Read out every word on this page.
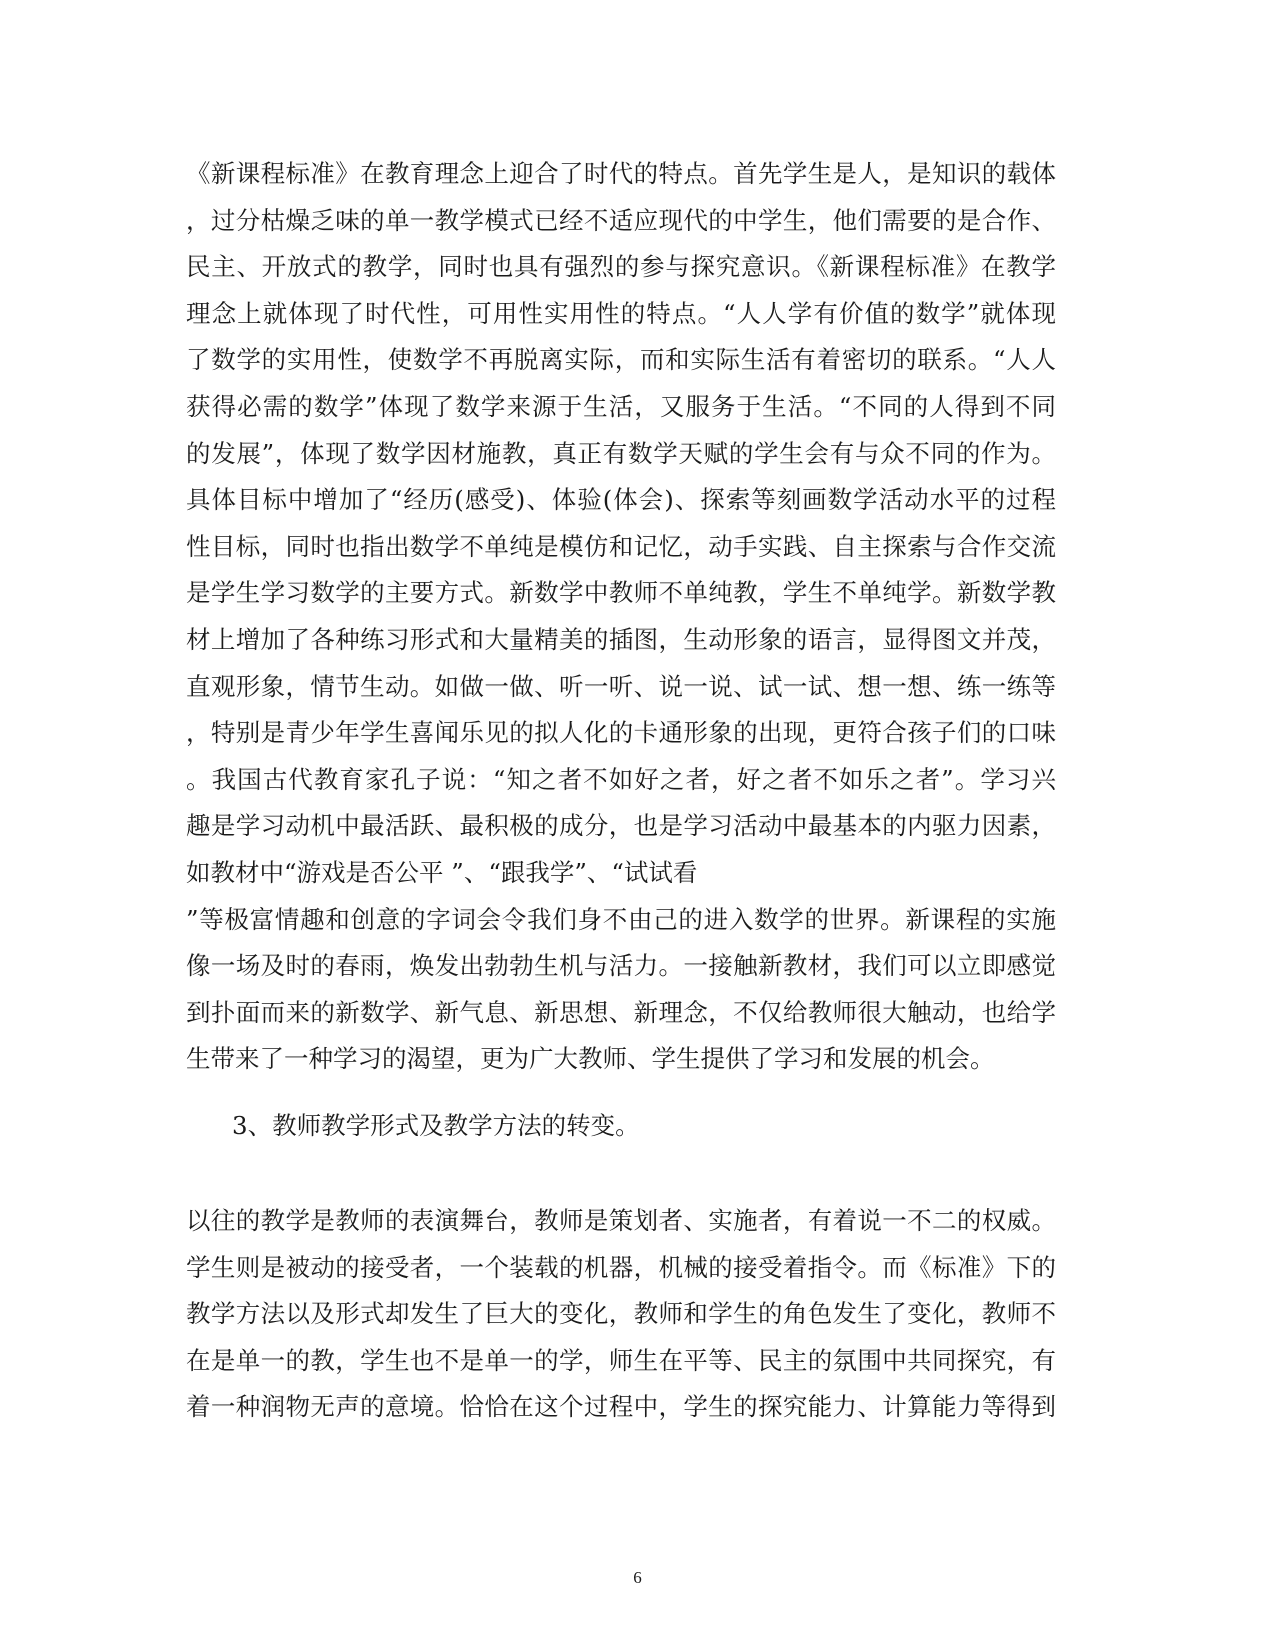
《新课程标准》在教育理念上迎合了时代的特点。首先学生是人，是知识的载体
，过分枯燥乏味的单一教学模式已经不适应现代的中学生，他们需要的是合作、
民主、开放式的教学，同时也具有强烈的参与探究意识。《新课程标准》在教学
理念上就体现了时代性，可用性实用性的特点。“人人学有价值的数学”就体现
了数学的实用性，使数学不再脱离实际，而和实际生活有着密切的联系。“人人
获得必需的数学”体现了数学来源于生活，又服务于生活。“不同的人得到不同
的发展”，体现了数学因材施教，真正有数学天赋的学生会有与众不同的作为。
具体目标中增加了“经历(感受)、体验(体会)、探索等刻画数学活动水平的过程
性目标，同时也指出数学不单纯是模仿和记忆，动手实践、自主探索与合作交流
是学生学习数学的主要方式。新数学中教师不单纯教，学生不单纯学。新数学教
材上增加了各种练习形式和大量精美的插图，生动形象的语言，显得图文并茂，
直观形象，情节生动。如做一做、听一听、说一说、试一试、想一想、练一练等
，特别是青少年学生喜闻乐见的拟人化的卡通形象的出现，更符合孩子们的口味
。我国古代教育家孔子说：“知之者不如好之者，好之者不如乐之者”。学习兴
趣是学习动机中最活跃、最积极的成分，也是学习活动中最基本的内驱力因素，
如教材中“游戏是否公平 ”、“跟我学”、“试试看
”等极富情趣和创意的字词会令我们身不由己的进入数学的世界。新课程的实施
像一场及时的春雨，焕发出勃勃生机与活力。一接触新教材，我们可以立即感觉
到扑面而来的新数学、新气息、新思想、新理念，不仅给教师很大触动，也给学
生带来了一种学习的渴望，更为广大教师、学生提供了学习和发展的机会。
3、教师教学形式及教学方法的转变。
以往的教学是教师的表演舞台，教师是策划者、实施者，有着说一不二的权威。
学生则是被动的接受者，一个装载的机器，机械的接受着指令。而《标准》下的
教学方法以及形式却发生了巨大的变化，教师和学生的角色发生了变化，教师不
在是单一的教，学生也不是单一的学，师生在平等、民主的氛围中共同探究，有
着一种润物无声的意境。恰恰在这个过程中，学生的探究能力、计算能力等得到
6
